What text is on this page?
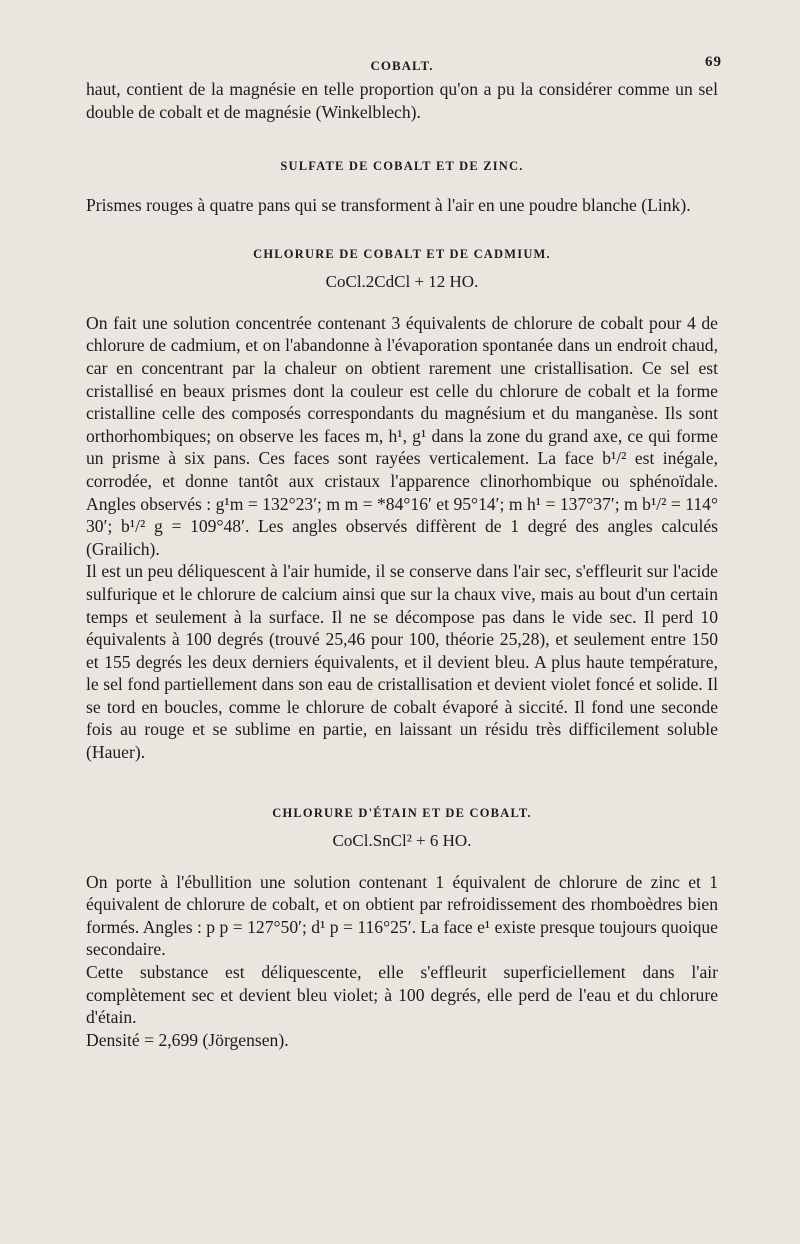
COBALT.	69

haut, contient de la magnésie en telle proportion qu'on a pu la considérer comme un sel double de cobalt et de magnésie (Winkelblech).

SULFATE DE COBALT ET DE ZINC.

Prismes rouges à quatre pans qui se transforment à l'air en une poudre blanche (Link).

CHLORURE DE COBALT ET DE CADMIUM.
CoCl.2CdCl + 12 HO.

On fait une solution concentrée contenant 3 équivalents de chlorure de cobalt pour 4 de chlorure de cadmium, et on l'abandonne à l'évaporation spontanée dans un endroit chaud, car en concentrant par la chaleur on obtient rarement une cristallisation. Ce sel est cristallisé en beaux prismes dont la couleur est celle du chlorure de cobalt et la forme cristalline celle des composés correspondants du magnésium et du manganèse. Ils sont orthorhombiques; on observe les faces m, h¹, g¹ dans la zone du grand axe, ce qui forme un prisme à six pans. Ces faces sont rayées verticalement. La face b¹/² est inégale, corrodée, et donne tantôt aux cristaux l'apparence clinorhombique ou sphénoïdale. Angles observés : g¹m = 132°23′; m m = *84°16′ et 95°14′; m h¹ = 137°37′; m b¹/² = 114° 30′; b¹/² g = 109°48′. Les angles observés diffèrent de 1 degré des angles calculés (Grailich).

Il est un peu déliquescent à l'air humide, il se conserve dans l'air sec, s'effleurit sur l'acide sulfurique et le chlorure de calcium ainsi que sur la chaux vive, mais au bout d'un certain temps et seulement à la surface. Il ne se décompose pas dans le vide sec. Il perd 10 équivalents à 100 degrés (trouvé 25,46 pour 100, théorie 25,28), et seulement entre 150 et 155 degrés les deux derniers équivalents, et il devient bleu. A plus haute température, le sel fond partiellement dans son eau de cristallisation et devient violet foncé et solide. Il se tord en boucles, comme le chlorure de cobalt évaporé à siccité. Il fond une seconde fois au rouge et se sublime en partie, en laissant un résidu très difficilement soluble (Hauer).

CHLORURE D'ÉTAIN ET DE COBALT.
CoCl.SnCl² + 6 HO.

On porte à l'ébullition une solution contenant 1 équivalent de chlorure de zinc et 1 équivalent de chlorure de cobalt, et on obtient par refroidissement des rhomboèdres bien formés. Angles : p p = 127°50′; d¹ p = 116°25′. La face e¹ existe presque toujours quoique secondaire.

Cette substance est déliquescente, elle s'effleurit superficiellement dans l'air complètement sec et devient bleu violet; à 100 degrés, elle perd de l'eau et du chlorure d'étain.

Densité = 2,699 (Jörgensen).
